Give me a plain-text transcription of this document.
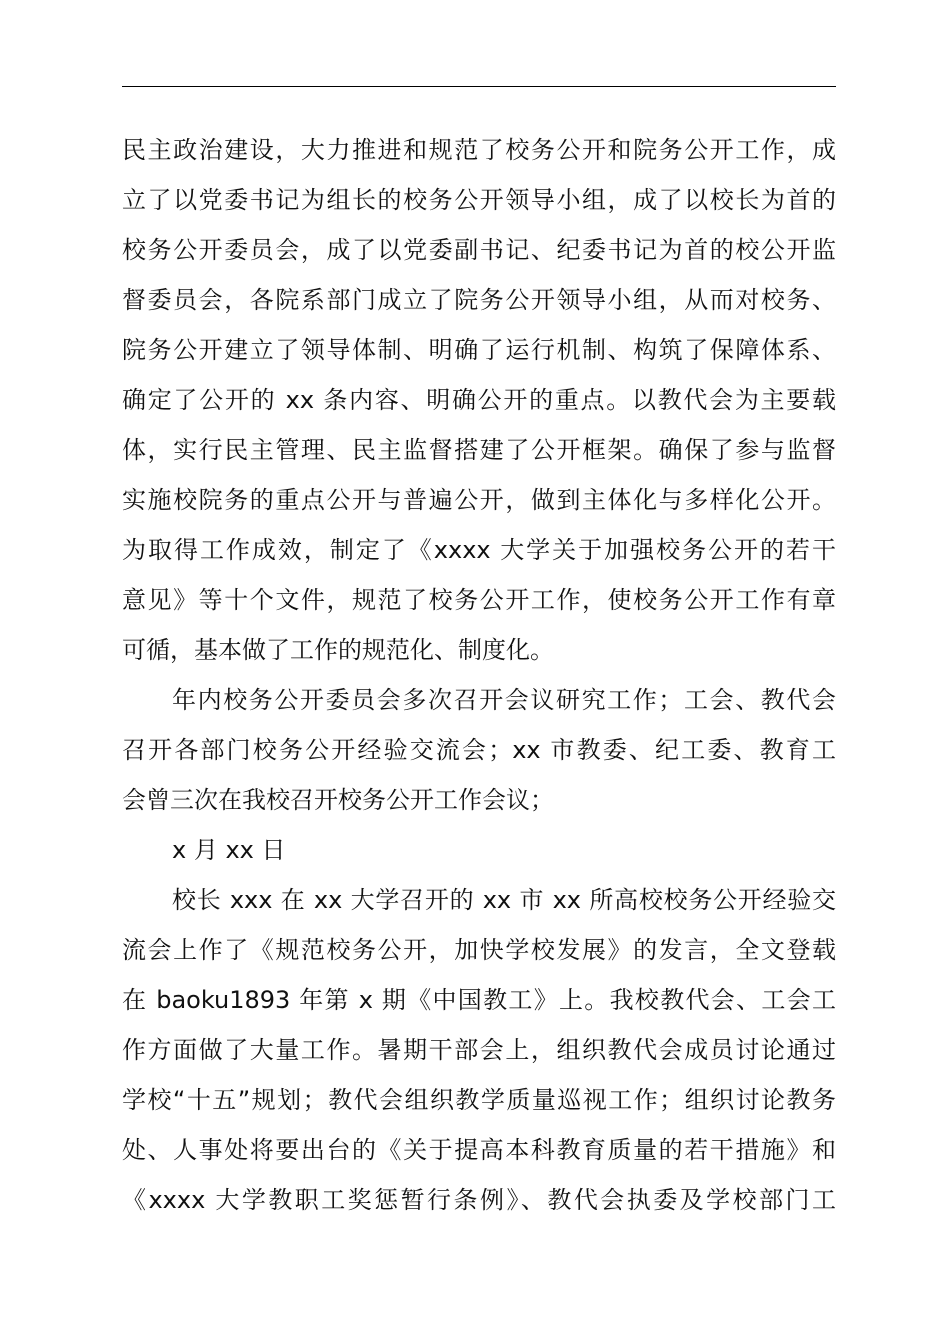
民主政治建设，大力推进和规范了校务公开和院务公开工作，成
立了以党委书记为组长的校务公开领导小组，成了以校长为首的
校务公开委员会，成了以党委副书记、纪委书记为首的校公开监
督委员会，各院系部门成立了院务公开领导小组，从而对校务、
院务公开建立了领导体制、明确了运行机制、构筑了保障体系、
确定了公开的 xx 条内容、明确公开的重点。以教代会为主要载
体，实行民主管理、民主监督搭建了公开框架。确保了参与监督
实施校院务的重点公开与普遍公开，做到主体化与多样化公开。
为取得工作成效，制定了《xxxx 大学关于加强校务公开的若干
意见》等十个文件，规范了校务公开工作，使校务公开工作有章
可循，基本做了工作的规范化、制度化。
年内校务公开委员会多次召开会议研究工作；工会、教代会
召开各部门校务公开经验交流会；xx 市教委、纪工委、教育工
会曾三次在我校召开校务公开工作会议；
x 月 xx 日
校长 xxx 在 xx 大学召开的 xx 市 xx 所高校校务公开经验交
流会上作了《规范校务公开，加快学校发展》的发言，全文登载
在 baoku1893 年第 x 期《中国教工》上。我校教代会、工会工
作方面做了大量工作。暑期干部会上，组织教代会成员讨论通过
学校“十五”规划；教代会组织教学质量巡视工作；组织讨论教务
处、人事处将要出台的《关于提高本科教育质量的若干措施》和
《xxxx 大学教职工奖惩暂行条例》、教代会执委及学校部门工
